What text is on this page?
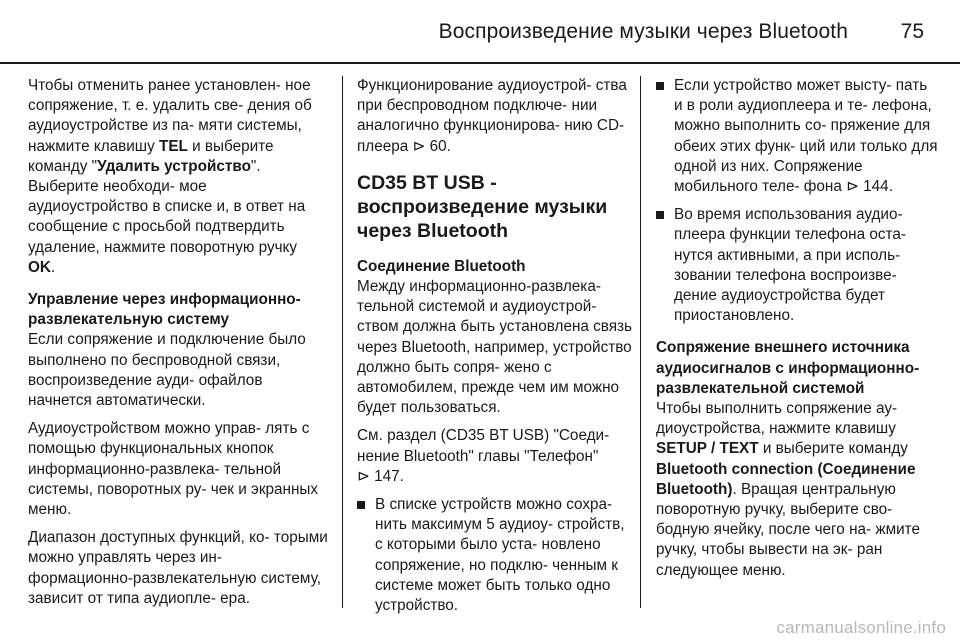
Воспроизведение музыки через Bluetooth	75

Чтобы отменить ранее установлен‐ ное сопряжение, т. е. удалить све‐ дения об аудиоустройстве из па‐ мяти системы, нажмите клавишу TEL и выберите команду "Удалить устройство". Выберите необходи‐ мое аудиоустройство в списке и, в ответ на сообщение с просьбой подтвердить удаление, нажмите поворотную ручку OK.

Управление через информационно-развлекательную систему

Если сопряжение и подключение было выполнено по беспроводной связи, воспроизведение ауди‐ офайлов начнется автоматически.

Аудиоустройством можно управ‐ лять с помощью функциональных кнопок информационно-развлека‐ тельной системы, поворотных ру‐ чек и экранных меню.

Диапазон доступных функций, ко‐ торыми можно управлять через ин‐ формационно-развлекательную систему, зависит от типа аудиопле‐ ера.

Функционирование аудиоустрой‐ ства при беспроводном подключе‐ нии аналогично функционирова‐ нию CD-плеера ⊳ 60.

CD35 BT USB - воспроизведение музыки через Bluetooth

Соединение Bluetooth

Между информационно-развлека‐ тельной системой и аудиоустрой‐ ством должна быть установлена связь через Bluetooth, например, устройство должно быть сопря‐ жено с автомобилем, прежде чем им можно будет пользоваться.

См. раздел (CD35 BT USB) "Соеди‐ нение Bluetooth" главы "Телефон"
⊳ 147.

В списке устройств можно сохра‐ нить максимум 5 аудиоу‐ стройств, с которыми было уста‐ новлено сопряжение, но подклю‐ ченным к системе может быть только одно устройство.
Если устройство может высту‐ пать и в роли аудиоплеера и те‐ лефона, можно выполнить со‐ пряжение для обеих этих функ‐ ций или только для одной из них. Сопряжение мобильного теле‐ фона ⊳ 144.
Во время использования аудио‐ плеера функции телефона оста‐ нутся активными, а при исполь‐ зовании телефона воспроизве‐ дение аудиоустройства будет приостановлено.

Сопряжение внешнего источника аудиосигналов с информационно-развлекательной системой

Чтобы выполнить сопряжение ау‐ диоустройства, нажмите клавишу SETUP / TEXT и выберите команду Bluetooth connection (Соединение Bluetooth). Вращая центральную поворотную ручку, выберите сво‐ бодную ячейку, после чего на‐ жмите ручку, чтобы вывести на эк‐ ран следующее меню.

carmanualsonline.info
